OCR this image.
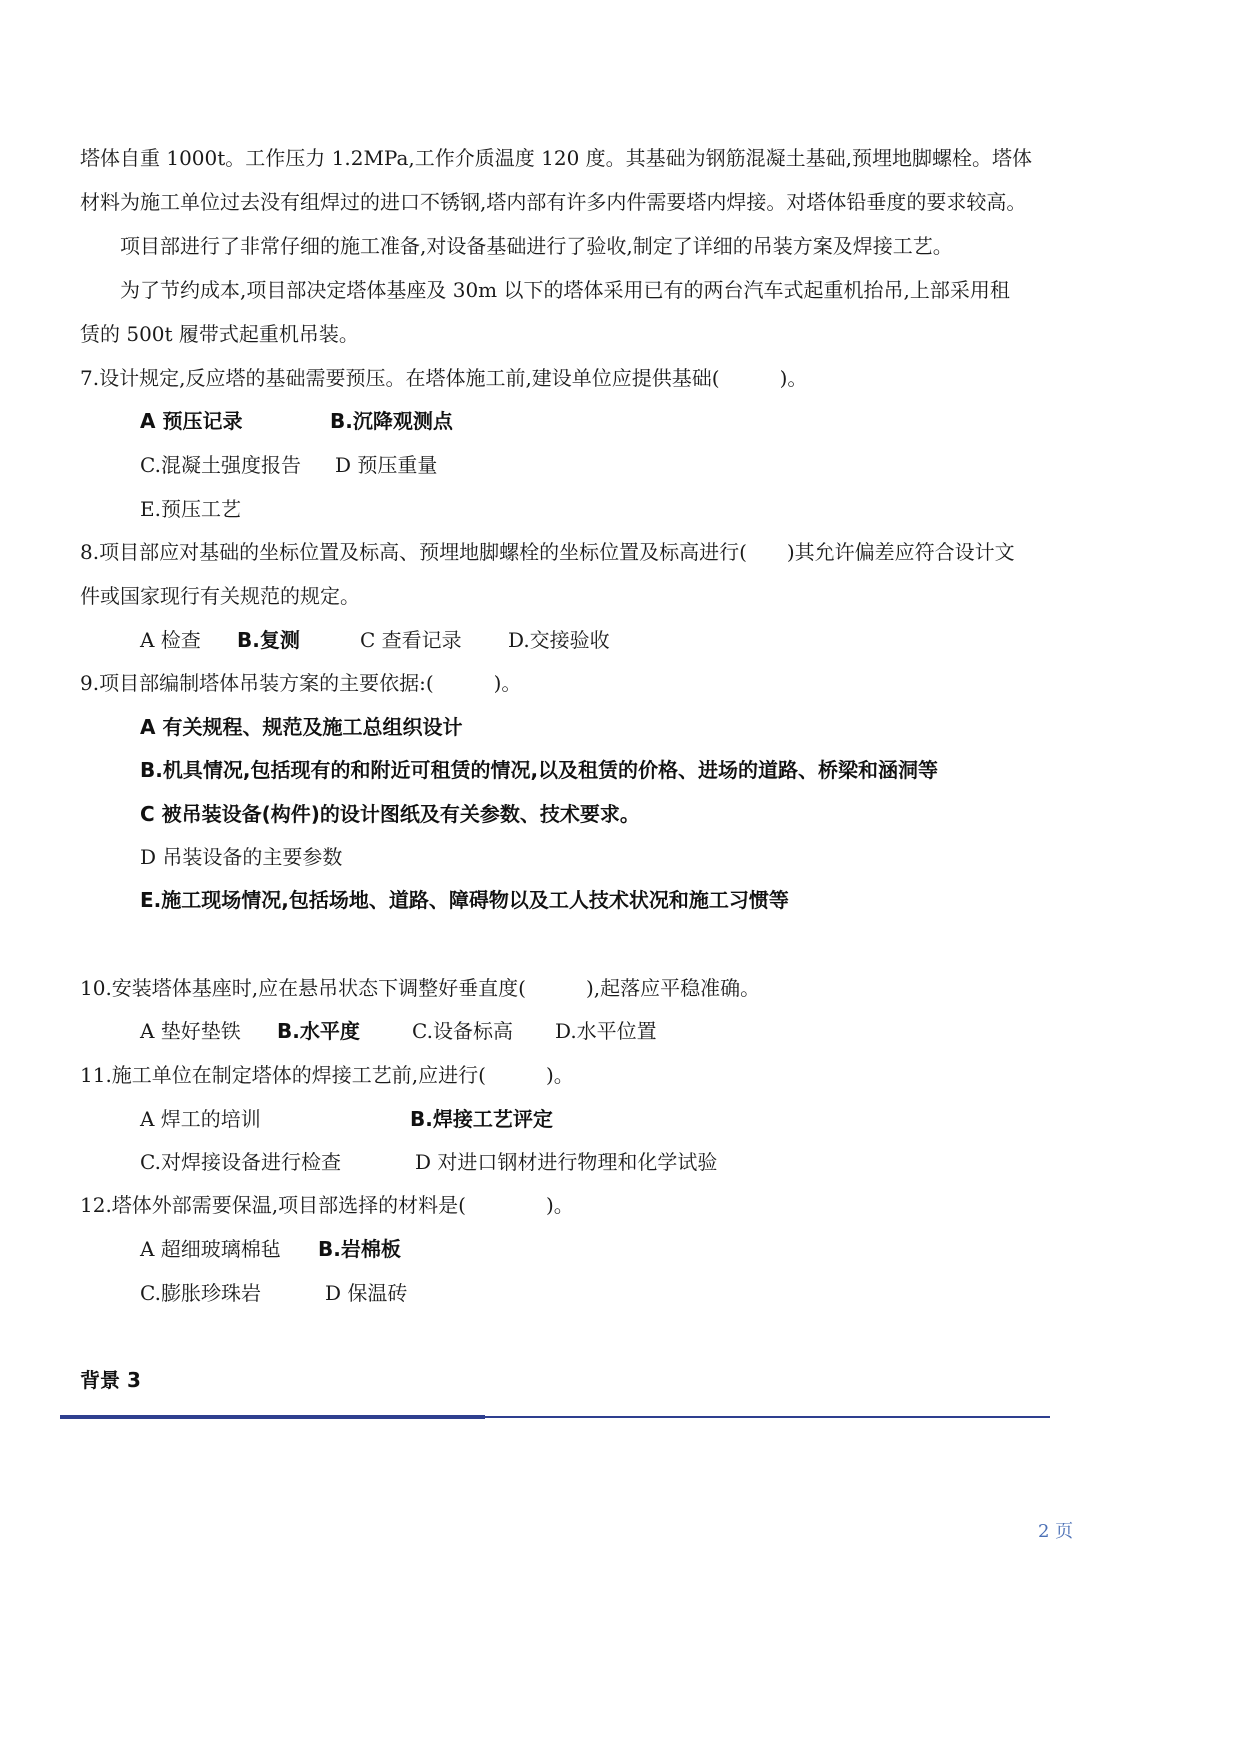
塔体自重 1000t。工作压力 1.2MPa,工作介质温度 120 度。其基础为钢筋混凝土基础,预埋地脚螺栓。塔体
材料为施工单位过去没有组焊过的进口不锈钢,塔内部有许多内件需要塔内焊接。对塔体铅垂度的要求较高。
项目部进行了非常仔细的施工准备,对设备基础进行了验收,制定了详细的吊装方案及焊接工艺。
为了节约成本,项目部决定塔体基座及 30m 以下的塔体采用已有的两台汽车式起重机抬吊,上部采用租
赁的 500t 履带式起重机吊装。
7.设计规定,反应塔的基础需要预压。在塔体施工前,建设单位应提供基础(　　　)。
A 预压记录	B.沉降观测点
C.混凝土强度报告 D 预压重量
E.预压工艺
8.项目部应对基础的坐标位置及标高、预埋地脚螺栓的坐标位置及标高进行(　　)其允许偏差应符合设计文
件或国家现行有关规范的规定。
A 检查 B.复测	C 查看记录 D.交接验收
9.项目部编制塔体吊装方案的主要依据:(　　　)。
A 有关规程、规范及施工总组织设计
B.机具情况,包括现有的和附近可租赁的情况,以及租赁的价格、进场的道路、桥梁和涵洞等
C 被吊装设备(构件)的设计图纸及有关参数、技术要求。
D 吊装设备的主要参数
E.施工现场情况,包括场地、道路、障碍物以及工人技术状况和施工习惯等
10.安装塔体基座时,应在悬吊状态下调整好垂直度(　　　),起落应平稳准确。
A 垫好垫铁 B.水平度	C.设备标高 D.水平位置
11.施工单位在制定塔体的焊接工艺前,应进行(　　　)。
A 焊工的培训	B.焊接工艺评定
C.对焊接设备进行检查	D 对进口钢材进行物理和化学试验
12.塔体外部需要保温,项目部选择的材料是(　　　　)。
A 超细玻璃棉毡 B.岩棉板
C.膨胀珍珠岩	D 保温砖
背景 3
2 页
